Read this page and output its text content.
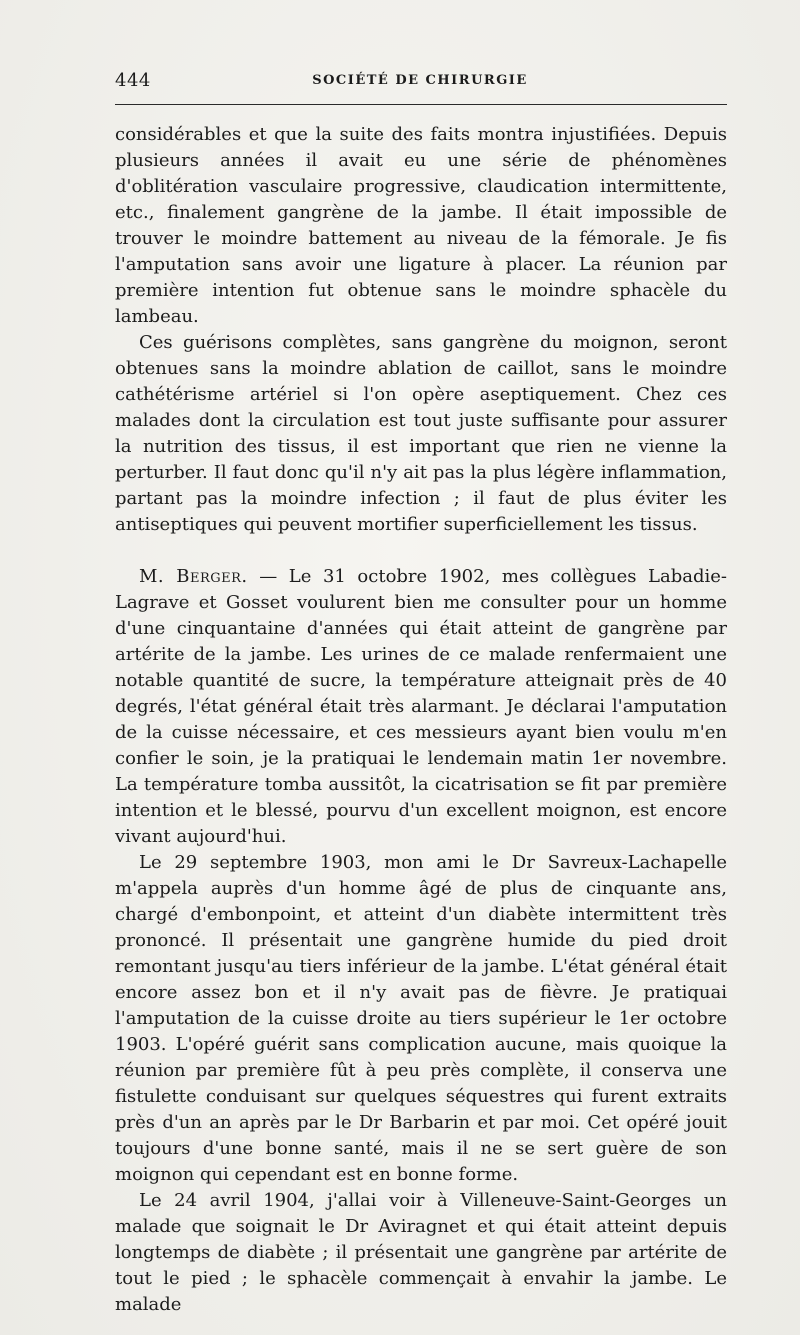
444	SOCIÉTÉ DE CHIRURGIE

considérables et que la suite des faits montra injustifiées. Depuis plusieurs années il avait eu une série de phénomènes d'oblitération vasculaire progressive, claudication intermittente, etc., finalement gangrène de la jambe. Il était impossible de trouver le moindre battement au niveau de la fémorale. Je fis l'amputation sans avoir une ligature à placer. La réunion par première intention fut obtenue sans le moindre sphacèle du lambeau.

Ces guérisons complètes, sans gangrène du moignon, seront obtenues sans la moindre ablation de caillot, sans le moindre cathétérisme artériel si l'on opère aseptiquement. Chez ces malades dont la circulation est tout juste suffisante pour assurer la nutrition des tissus, il est important que rien ne vienne la perturber. Il faut donc qu'il n'y ait pas la plus légère inflammation, partant pas la moindre infection ; il faut de plus éviter les antiseptiques qui peuvent mortifier superficiellement les tissus.

M. Berger. — Le 31 octobre 1902, mes collègues Labadie-Lagrave et Gosset voulurent bien me consulter pour un homme d'une cinquantaine d'années qui était atteint de gangrène par artérite de la jambe. Les urines de ce malade renfermaient une notable quantité de sucre, la température atteignait près de 40 degrés, l'état général était très alarmant. Je déclarai l'amputation de la cuisse nécessaire, et ces messieurs ayant bien voulu m'en confier le soin, je la pratiquai le lendemain matin 1er novembre. La température tomba aussitôt, la cicatrisation se fit par première intention et le blessé, pourvu d'un excellent moignon, est encore vivant aujourd'hui.

Le 29 septembre 1903, mon ami le Dr Savreux-Lachapelle m'appela auprès d'un homme âgé de plus de cinquante ans, chargé d'embonpoint, et atteint d'un diabète intermittent très prononcé. Il présentait une gangrène humide du pied droit remontant jusqu'au tiers inférieur de la jambe. L'état général était encore assez bon et il n'y avait pas de fièvre. Je pratiquai l'amputation de la cuisse droite au tiers supérieur le 1er octobre 1903. L'opéré guérit sans complication aucune, mais quoique la réunion par première fût à peu près complète, il conserva une fistulette conduisant sur quelques séquestres qui furent extraits près d'un an après par le Dr Barbarin et par moi. Cet opéré jouit toujours d'une bonne santé, mais il ne se sert guère de son moignon qui cependant est en bonne forme.

Le 24 avril 1904, j'allai voir à Villeneuve-Saint-Georges un malade que soignait le Dr Aviragnet et qui était atteint depuis longtemps de diabète ; il présentait une gangrène par artérite de tout le pied ; le sphacèle commençait à envahir la jambe. Le malade
